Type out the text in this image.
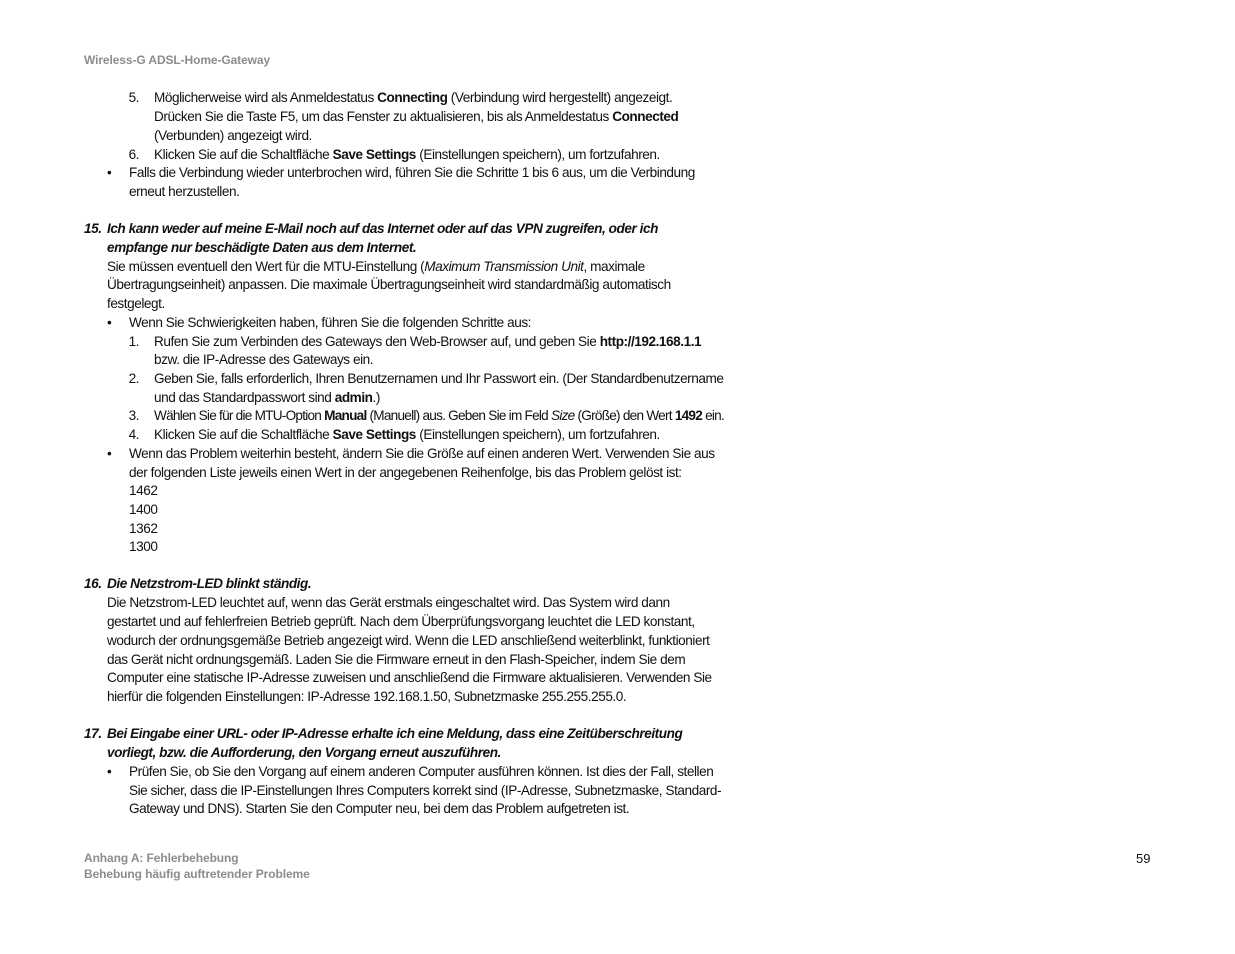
Wireless-G ADSL-Home-Gateway
5. Möglicherweise wird als Anmeldestatus Connecting (Verbindung wird hergestellt) angezeigt.
Drücken Sie die Taste F5, um das Fenster zu aktualisieren, bis als Anmeldestatus Connected
(Verbunden) angezeigt wird.
6. Klicken Sie auf die Schaltfläche Save Settings (Einstellungen speichern), um fortzufahren.
• Falls die Verbindung wieder unterbrochen wird, führen Sie die Schritte 1 bis 6 aus, um die Verbindung
erneut herzustellen.
15. Ich kann weder auf meine E-Mail noch auf das Internet oder auf das VPN zugreifen, oder ich
empfange nur beschädigte Daten aus dem Internet.
Sie müssen eventuell den Wert für die MTU-Einstellung (Maximum Transmission Unit, maximale
Übertragungseinheit) anpassen. Die maximale Übertragungseinheit wird standardmäßig automatisch
festgelegt.
• Wenn Sie Schwierigkeiten haben, führen Sie die folgenden Schritte aus:
1. Rufen Sie zum Verbinden des Gateways den Web-Browser auf, und geben Sie http://192.168.1.1
bzw. die IP-Adresse des Gateways ein.
2. Geben Sie, falls erforderlich, Ihren Benutzernamen und Ihr Passwort ein. (Der Standardbenutzername
und das Standardpasswort sind admin.)
3. Wählen Sie für die MTU-Option Manual (Manuell) aus. Geben Sie im Feld Size (Größe) den Wert 1492 ein.
4. Klicken Sie auf die Schaltfläche Save Settings (Einstellungen speichern), um fortzufahren.
• Wenn das Problem weiterhin besteht, ändern Sie die Größe auf einen anderen Wert. Verwenden Sie aus
der folgenden Liste jeweils einen Wert in der angegebenen Reihenfolge, bis das Problem gelöst ist:
1462
1400
1362
1300
16. Die Netzstrom-LED blinkt ständig.
Die Netzstrom-LED leuchtet auf, wenn das Gerät erstmals eingeschaltet wird. Das System wird dann
gestartet und auf fehlerfreien Betrieb geprüft. Nach dem Überprüfungsvorgang leuchtet die LED konstant,
wodurch der ordnungsgemäße Betrieb angezeigt wird. Wenn die LED anschließend weiterblinkt, funktioniert
das Gerät nicht ordnungsgemäß. Laden Sie die Firmware erneut in den Flash-Speicher, indem Sie dem
Computer eine statische IP-Adresse zuweisen und anschließend die Firmware aktualisieren. Verwenden Sie
hierfür die folgenden Einstellungen: IP-Adresse 192.168.1.50, Subnetzmaske 255.255.255.0.
17. Bei Eingabe einer URL- oder IP-Adresse erhalte ich eine Meldung, dass eine Zeitüberschreitung
vorliegt, bzw. die Aufforderung, den Vorgang erneut auszuführen.
• Prüfen Sie, ob Sie den Vorgang auf einem anderen Computer ausführen können. Ist dies der Fall, stellen
Sie sicher, dass die IP-Einstellungen Ihres Computers korrekt sind (IP-Adresse, Subnetzmaske, Standard-
Gateway und DNS). Starten Sie den Computer neu, bei dem das Problem aufgetreten ist.
Anhang A: Fehlerbehebung
Behebung häufig auftretender Probleme
59
